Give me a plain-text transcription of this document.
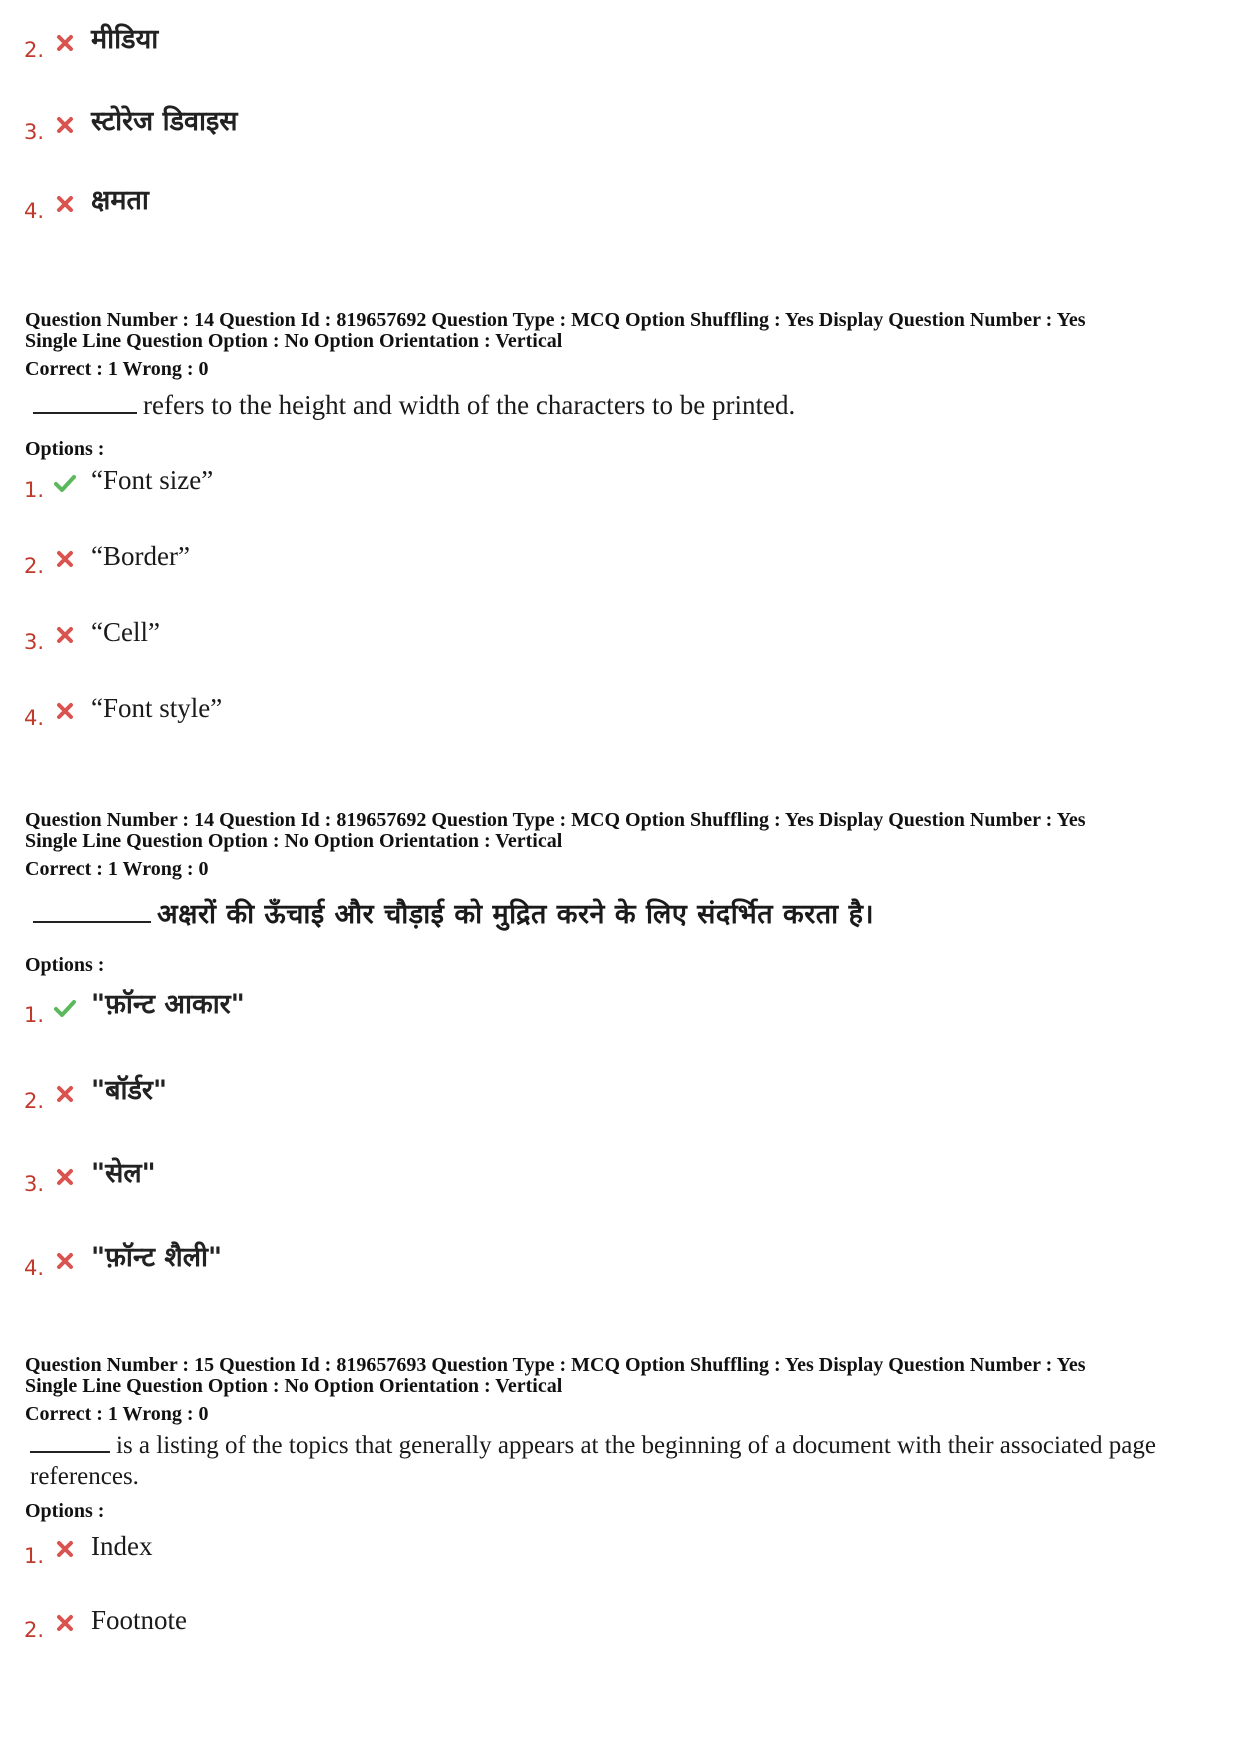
2. मीडिया
3. स्टोरेज डिवाइस
4. क्षमता
Question Number : 14 Question Id : 819657692 Question Type : MCQ Option Shuffling : Yes Display Question Number : Yes
Single Line Question Option : No Option Orientation : Vertical
Correct : 1 Wrong : 0
refers to the height and width of the characters to be printed.
Options :
1. “Font size”
2. “Border”
3. “Cell”
4. “Font style”
Question Number : 14 Question Id : 819657692 Question Type : MCQ Option Shuffling : Yes Display Question Number : Yes
Single Line Question Option : No Option Orientation : Vertical
Correct : 1 Wrong : 0
अक्षरों की ऊँचाई और चौड़ाई को मुद्रित करने के लिए संदर्भित करता है।
Options :
1. "फ़ॉन्ट आकार"
2. "बॉर्डर"
3. "सेल"
4. "फ़ॉन्ट शैली"
Question Number : 15 Question Id : 819657693 Question Type : MCQ Option Shuffling : Yes Display Question Number : Yes
Single Line Question Option : No Option Orientation : Vertical
Correct : 1 Wrong : 0
is a listing of the topics that generally appears at the beginning of a document with their associated page references.
Options :
1. Index
2. Footnote
